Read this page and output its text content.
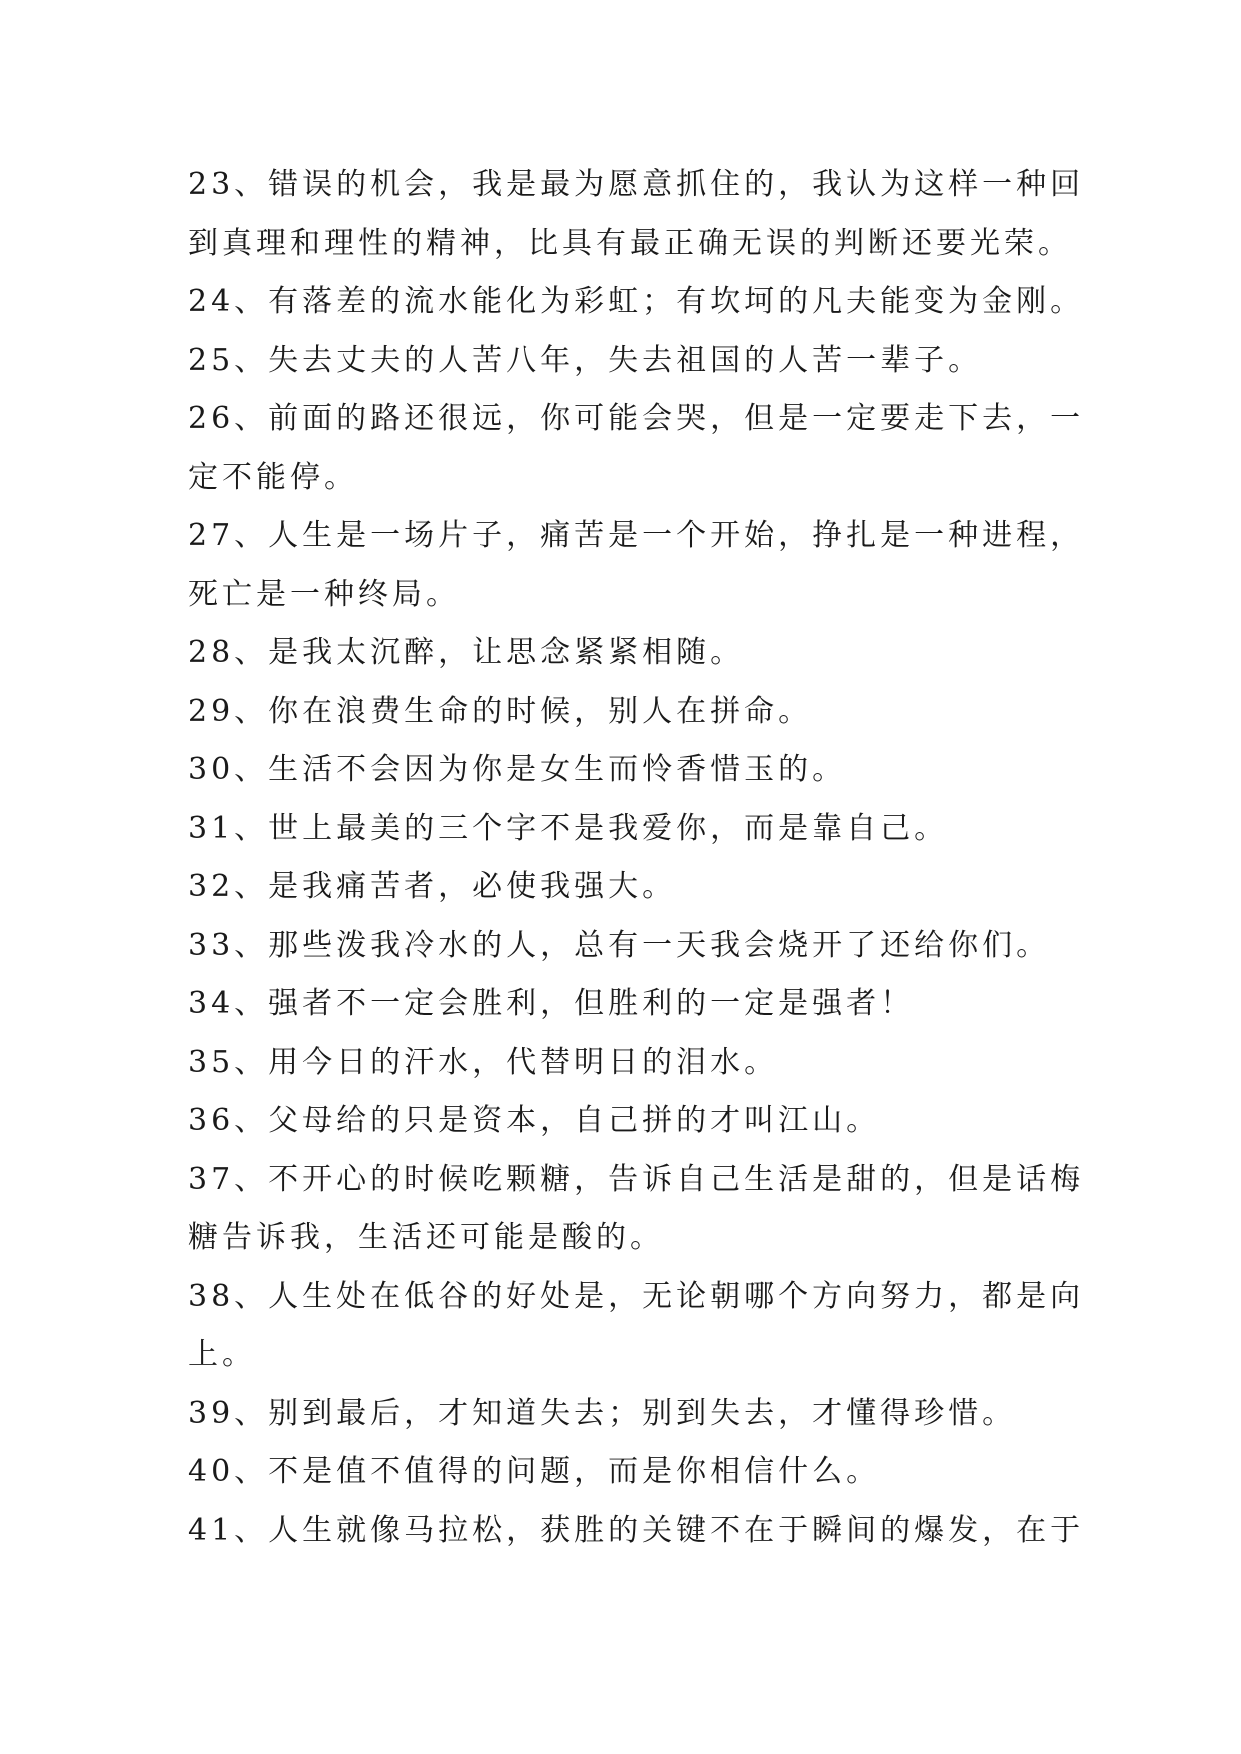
23、错误的机会，我是最为愿意抓住的，我认为这样一种回
到真理和理性的精神，比具有最正确无误的判断还要光荣。
24、有落差的流水能化为彩虹；有坎坷的凡夫能变为金刚。
25、失去丈夫的人苦八年，失去祖国的人苦一辈子。
26、前面的路还很远，你可能会哭，但是一定要走下去，一
定不能停。
27、人生是一场片子，痛苦是一个开始，挣扎是一种进程，
死亡是一种终局。
28、是我太沉醉，让思念紧紧相随。
29、你在浪费生命的时候，别人在拼命。
30、生活不会因为你是女生而怜香惜玉的。
31、世上最美的三个字不是我爱你，而是靠自己。
32、是我痛苦者，必使我强大。
33、那些泼我冷水的人，总有一天我会烧开了还给你们。
34、强者不一定会胜利，但胜利的一定是强者！
35、用今日的汗水，代替明日的泪水。
36、父母给的只是资本，自己拼的才叫江山。
37、不开心的时候吃颗糖，告诉自己生活是甜的，但是话梅
糖告诉我，生活还可能是酸的。
38、人生处在低谷的好处是，无论朝哪个方向努力，都是向
上。
39、别到最后，才知道失去；别到失去，才懂得珍惜。
40、不是值不值得的问题，而是你相信什么。
41、人生就像马拉松，获胜的关键不在于瞬间的爆发，在于
